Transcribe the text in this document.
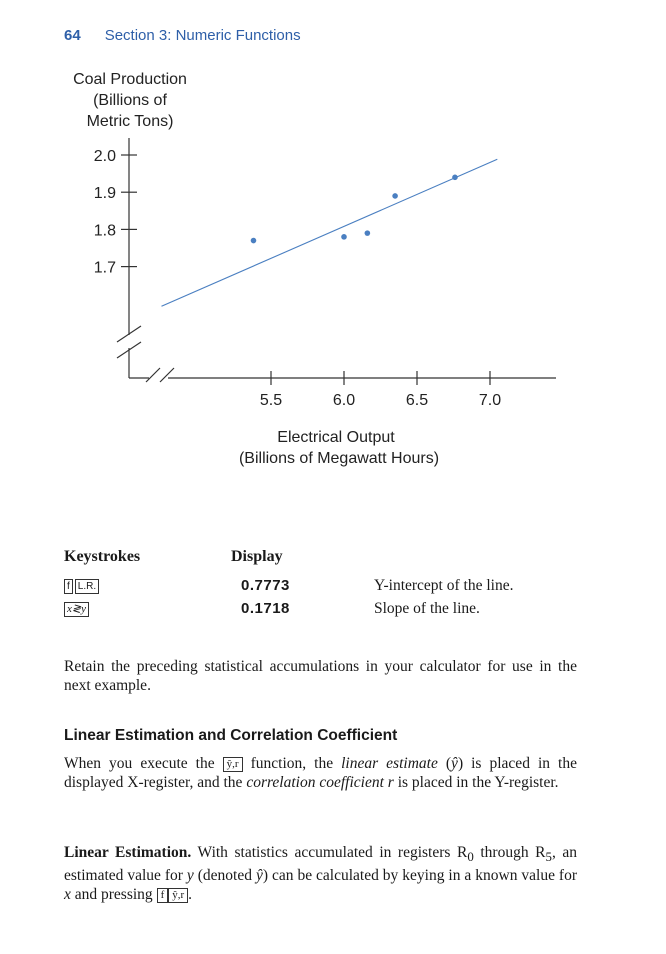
64 Section 3: Numeric Functions
Coal Production
(Billions of
Metric Tons)
2.0
1.9
1.8
1.7
5.5	6.0	6.5	7.0
Electrical Output
(Billions of Megawatt Hours)
Keystrokes	Display
f L.R.	0.7773	Y-intercept of the line.
x≷y	0.1718	Slope of the line.
Retain the preceding statistical accumulations in your calculator for use in the next example.
Linear Estimation and Correlation Coefficient
When you execute the ŷ,r function, the linear estimate (ŷ) is placed in the displayed X-register, and the correlation coefficient r is placed in the Y-register.
Linear Estimation. With statistics accumulated in registers $R_0$ through $R_5$, an estimated value for y (denoted ŷ) can be calculated by keying in a known value for x and pressing f ŷ,r .
